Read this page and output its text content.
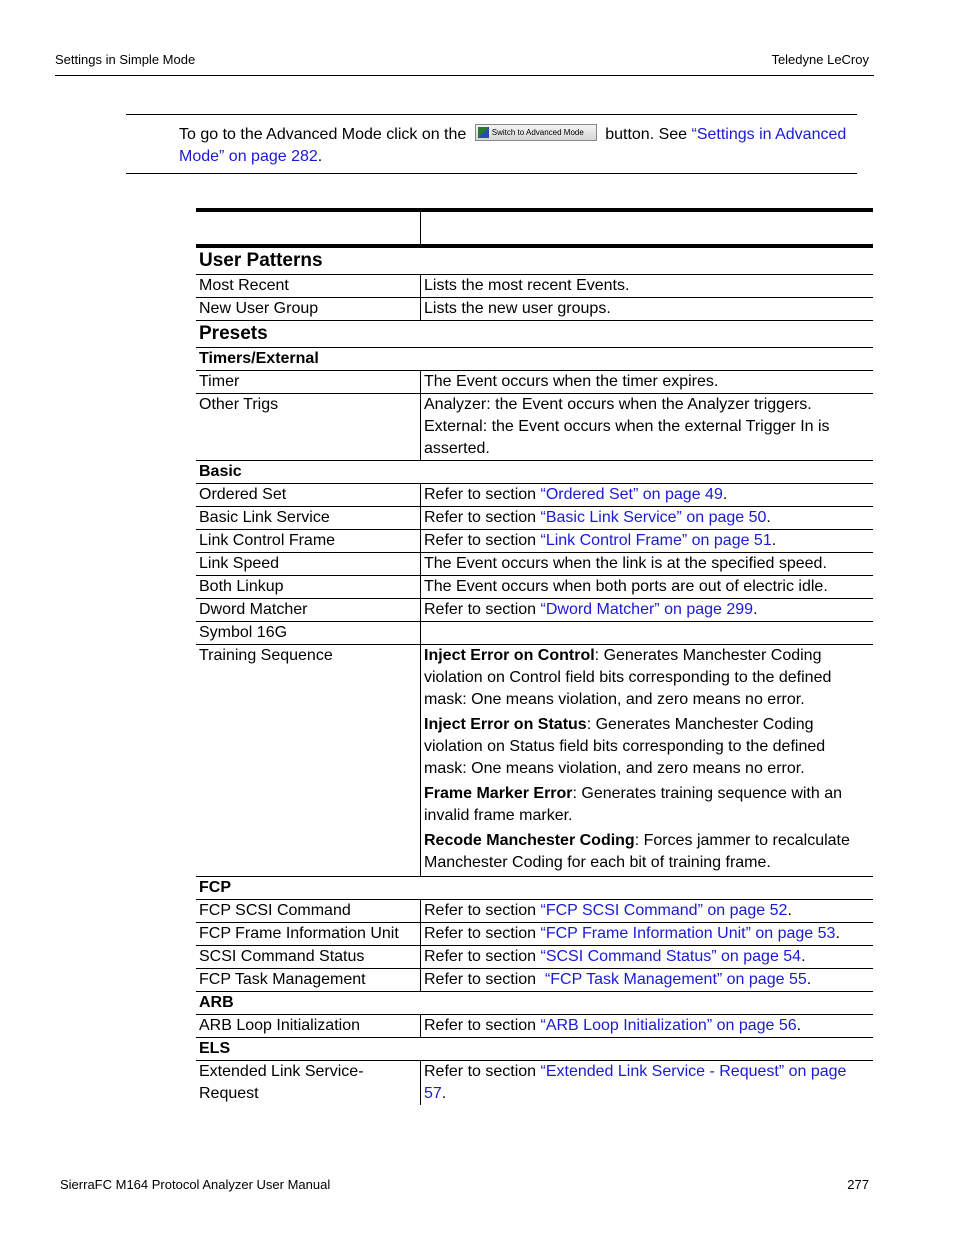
Settings in Simple Mode	Teledyne LeCroy
To go to the Advanced Mode click on the	Switch to Advanced Mode button. See “Settings in Advanced Mode” on page 282.

User Patterns	
Most Recent	Lists the most recent Events.
New User Group	Lists the new user groups.
Presets	
Timers/External	
Timer	The Event occurs when the timer expires.
Other Trigs	Analyzer: the Event occurs when the Analyzer triggers.
External: the Event occurs when the external Trigger In is asserted.

Basic	
Ordered Set	Refer to section “Ordered Set” on page 49.
Basic Link Service	Refer to section “Basic Link Service” on page 50.
Link Control Frame	Refer to section “Link Control Frame” on page 51.
Link Speed	The Event occurs when the link is at the specified speed.
Both Linkup	The Event occurs when both ports are out of electric idle.
Dword Matcher	Refer to section “Dword Matcher” on page 299.
Symbol 16G	
Training Sequence	Inject Error on Control: Generates Manchester Coding violation on Control field bits corresponding to the defined mask: One means violation, and zero means no error.
Inject Error on Status: Generates Manchester Coding violation on Status field bits corresponding to the defined mask: One means violation, and zero means no error.
Frame Marker Error: Generates training sequence with an invalid frame marker.
Recode Manchester Coding: Forces jammer to recalculate Manchester Coding for each bit of training frame.

FCP	
FCP SCSI Command	Refer to section “FCP SCSI Command” on page 52.
FCP Frame Information Unit	Refer to section “FCP Frame Information Unit” on page 53.
SCSI Command Status	Refer to section “SCSI Command Status” on page 54.
FCP Task Management	Refer to section  “FCP Task Management” on page 55.
ARB	
ARB Loop Initialization	Refer to section “ARB Loop Initialization” on page 56.
ELS	
Extended Link Service-Request	Refer to section “Extended Link Service - Request” on page 57.
SierraFC M164 Protocol Analyzer User Manual	277
